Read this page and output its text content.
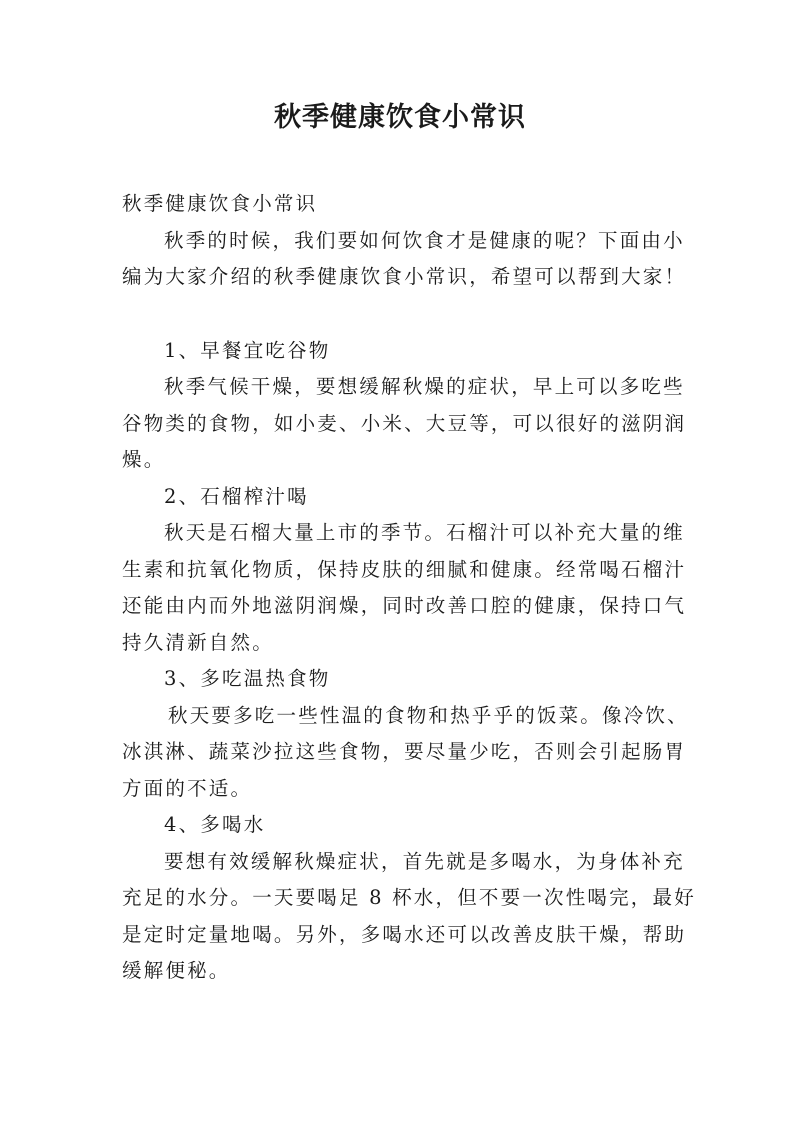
秋季健康饮食小常识

秋季健康饮食小常识

秋季的时候，我们要如何饮食才是健康的呢？下面由小编为大家介绍的秋季健康饮食小常识，希望可以帮到大家！

1、早餐宜吃谷物

秋季气候干燥，要想缓解秋燥的症状，早上可以多吃些谷物类的食物，如小麦、小米、大豆等，可以很好的滋阴润燥。

2、石榴榨汁喝

秋天是石榴大量上市的季节。石榴汁可以补充大量的维生素和抗氧化物质，保持皮肤的细腻和健康。经常喝石榴汁还能由内而外地滋阴润燥，同时改善口腔的健康，保持口气持久清新自然。

3、多吃温热食物

秋天要多吃一些性温的食物和热乎乎的饭菜。像冷饮、冰淇淋、蔬菜沙拉这些食物，要尽量少吃，否则会引起肠胃方面的不适。

4、多喝水

要想有效缓解秋燥症状，首先就是多喝水，为身体补充充足的水分。一天要喝足 8 杯水，但不要一次性喝完，最好是定时定量地喝。另外，多喝水还可以改善皮肤干燥，帮助缓解便秘。
